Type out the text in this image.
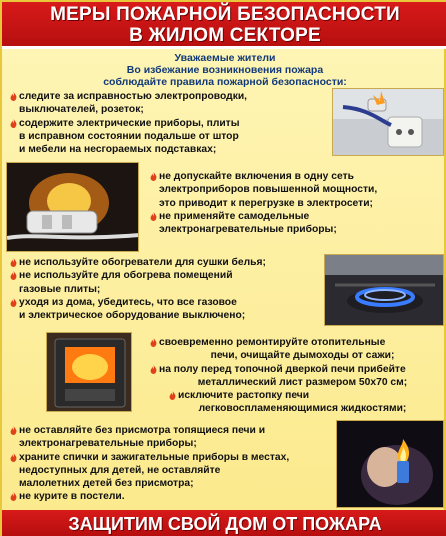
МЕРЫ ПОЖАРНОЙ БЕЗОПАСНОСТИ
В ЖИЛОМ СЕКТОРЕ
Уважаемые жители
Во избежание возникновения пожара
соблюдайте правила пожарной безопасности:
следите за исправностью электропроводки,
выключателей, розеток;
содержите электрические приборы, плиты
в исправном состоянии подальше от штор
и мебели на несгораемых подставках;
не допускайте включения в одну сеть
электроприборов повышенной мощности,
это приводит к перегрузке в электросети;
не применяйте самодельные
электронагревательные приборы;
не используйте обогреватели для сушки белья;
не используйте для обогрева помещений
газовые плиты;
уходя из дома, убедитесь, что все газовое
и электрическое оборудование выключено;
своевременно ремонтируйте отопительные
печи, очищайте дымоходы от сажи;
на полу перед топочной дверкой печи прибейте
металлический лист размером 50х70 см;
исключите растопку печи
легковоспламеняющимися жидкостями;
не оставляйте без присмотра топящиеся печи и
электронагревательные приборы;
храните спички и зажигательные приборы в местах,
недоступных для детей, не оставляйте
малолетних детей без присмотра;
не курите в постели.
ЗАЩИТИМ СВОЙ ДОМ ОТ ПОЖАРА
